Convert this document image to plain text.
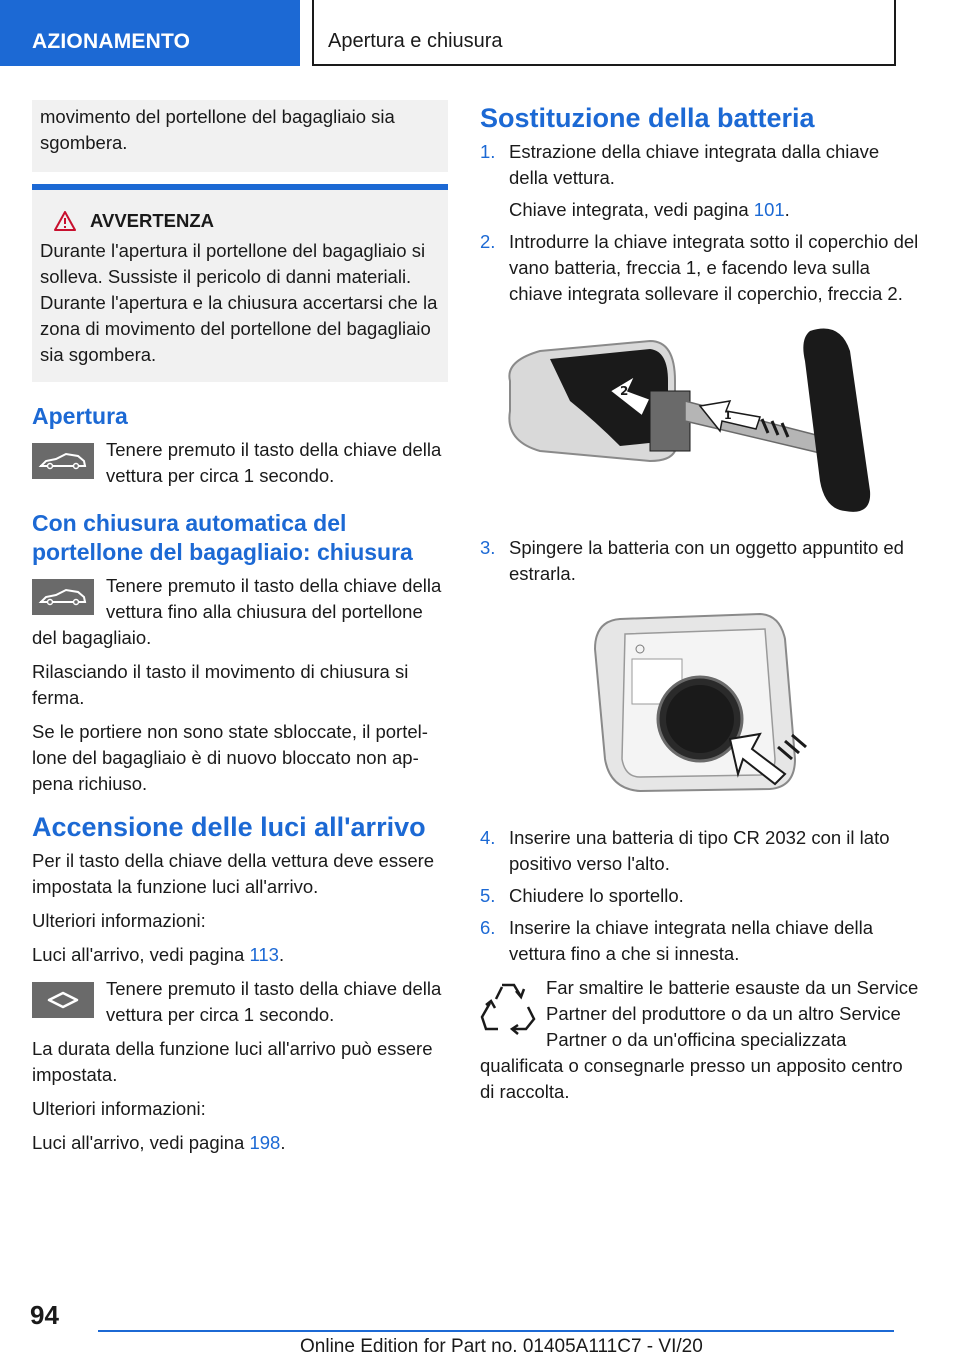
AZIONAMENTO	Apertura e chiusura
movimento del portellone del bagagliaio sia sgombera.
AVVERTENZA
Durante l'apertura il portellone del bagagliaio si solleva. Sussiste il pericolo di danni materiali. Durante l'apertura e la chiusura accertarsi che la zona di movimento del portellone del bagagliaio sia sgombera.
Apertura

Tenere premuto il tasto della chiave della vettura per circa 1 secondo.

Con chiusura automatica del portellone del bagagliaio: chiusura

Tenere premuto il tasto della chiave della vettura fino alla chiusura del portellone del bagagliaio.

Rilasciando il tasto il movimento di chiusura si ferma.

Se le portiere non sono state sbloccate, il portellone del bagagliaio è di nuovo bloccato non appena richiuso.

Accensione delle luci all'arrivo

Per il tasto della chiave della vettura deve essere impostata la funzione luci all'arrivo.

Ulteriori informazioni:

Luci all'arrivo, vedi pagina 113.

Tenere premuto il tasto della chiave della vettura per circa 1 secondo.

La durata della funzione luci all'arrivo può essere impostata.

Ulteriori informazioni:

Luci all'arrivo, vedi pagina 198.

Sostituzione della batteria
1. Estrazione della chiave integrata dalla chiave della vettura.
Chiave integrata, vedi pagina 101.
2. Introdurre la chiave integrata sotto il coperchio del vano batteria, freccia 1, e facendo leva sulla chiave integrata sollevare il coperchio, freccia 2.
2
1
3. Spingere la batteria con un oggetto appuntito ed estrarla.
4. Inserire una batteria di tipo CR 2032 con il lato positivo verso l'alto.
5. Chiudere lo sportello.
6. Inserire la chiave integrata nella chiave della vettura fino a che si innesta.
Far smaltire le batterie esauste da un Service Partner del produttore o da un altro Service Partner o da un'officina specializzata qualificata o consegnarle presso un apposito centro di raccolta.
94
Online Edition for Part no. 01405A111C7 - VI/20
